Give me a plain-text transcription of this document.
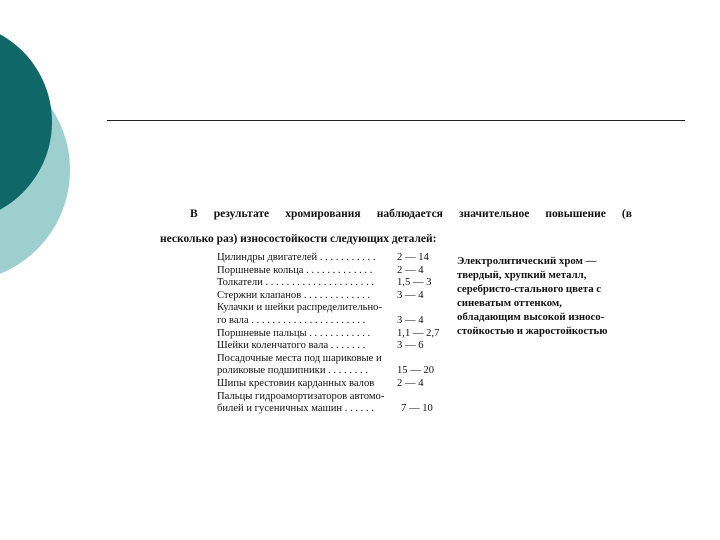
В результате хромирования наблюдается значительное повышение (в
несколько раз) износостойкости следующих деталей:
Цилиндры двигателей . . . . . . . . . . . 2 — 14
Поршневые кольца . . . . . . . . . . . . . 2 — 4
Толкатели . . . . . . . . . . . . . . . . . . . . . 1,5 — 3
Стержни клапанов . . . . . . . . . . . . .	3 — 4
Кулачки и шейки распределительно-
го вала . . . . . . . . . . . . . . . . . . . . . .	3 — 4
Поршневые пальцы . . . . . . . . . . . .	1,1 — 2,7
Шейки коленчатого вала . . . . . . .	3 — 6
Посадочные места под шариковые и
роликовые подшипники . . . . . . . .	15 — 20
Шипы крестовин карданных валов 2 — 4
Пальцы гидроамортизаторов автомо-
билей и гусеничных машин . . . . . .	7 — 10
Электролитический хром —
твердый, хрупкий металл,
серебристо-стального цвета с
синеватым оттенком,
обладающим высокой износо-
стойкостью и жаростойкостью
